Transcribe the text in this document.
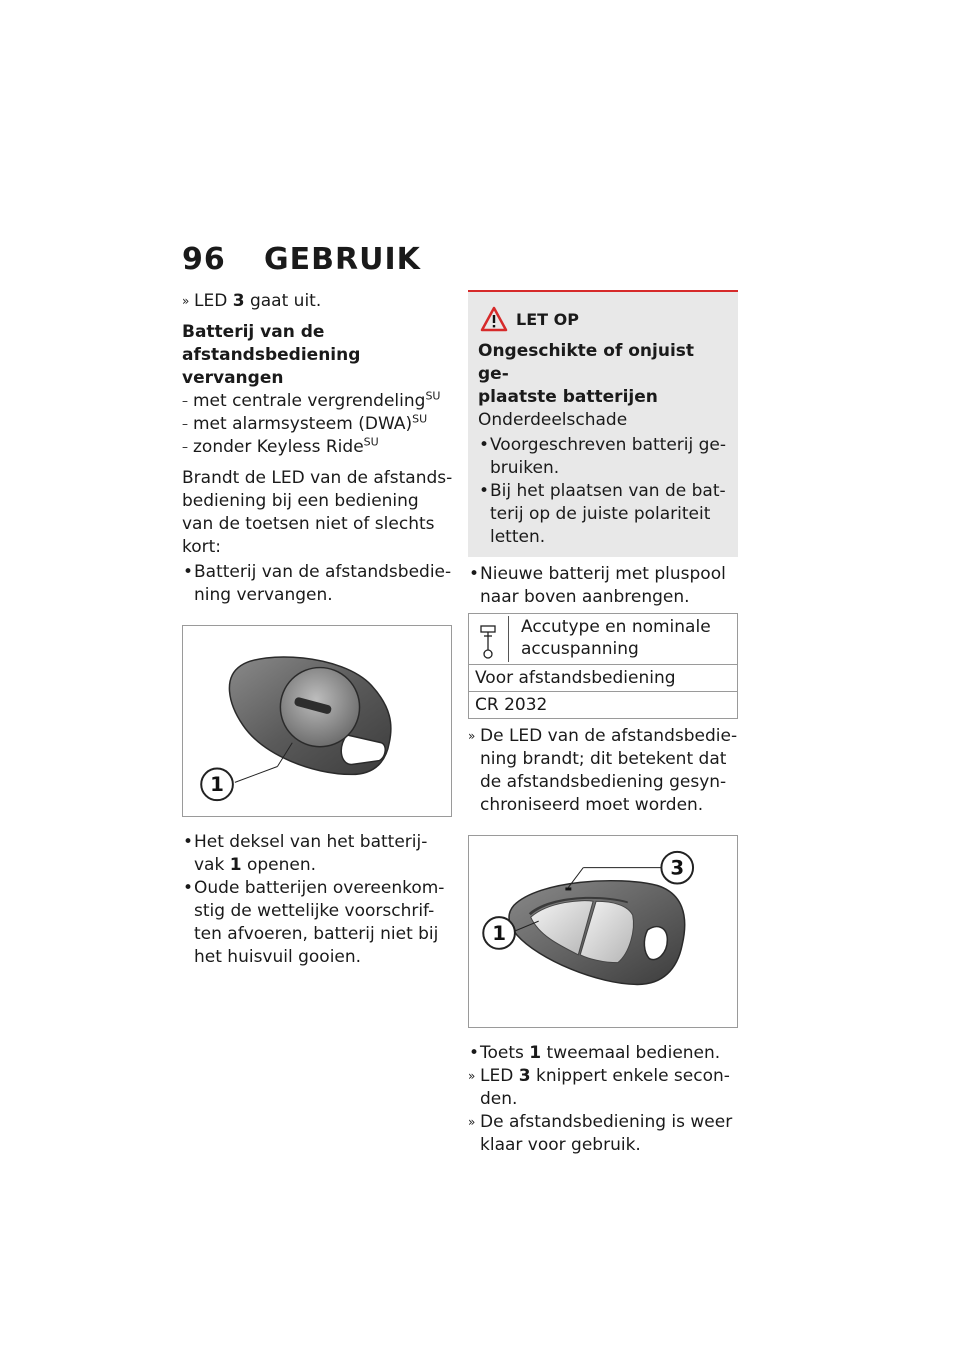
96 GEBRUIK
» LED 3 gaat uit.
Batterij van de
afstandsbediening vervangen
– met centrale vergrendeling$^{SU}$
– met alarmsysteem (DWA)$^{SU}$
– zonder Keyless Ride$^{SU}$
Brandt de LED van de afstands-
bediening bij een bediening
van de toetsen niet of slechts
kort:
• Batterij van de afstandsbedie-
ning vervangen.
1
• Het deksel van het batterij-
vak 1 openen.
• Oude batterijen overeenkom-
stig de wettelijke voorschrif-
ten afvoeren, batterij niet bij
het huisvuil gooien.
LET OP
Ongeschikte of onjuist ge-
plaatste batterijen
Onderdeelschade
• Voorgeschreven batterij ge-
bruiken.
• Bij het plaatsen van de bat-
terij op de juiste polariteit
letten.
• Nieuwe batterij met pluspool
naar boven aanbrengen.
Accutype en nominale
accuspanning

Voor afstandsbediening
CR 2032
» De LED van de afstandsbedie-
ning brandt; dit betekent dat
de afstandsbediening gesyn-
chroniseerd moet worden.
3
1
• Toets 1 tweemaal bedienen.
» LED 3 knippert enkele secon-
den.
» De afstandsbediening is weer
klaar voor gebruik.
